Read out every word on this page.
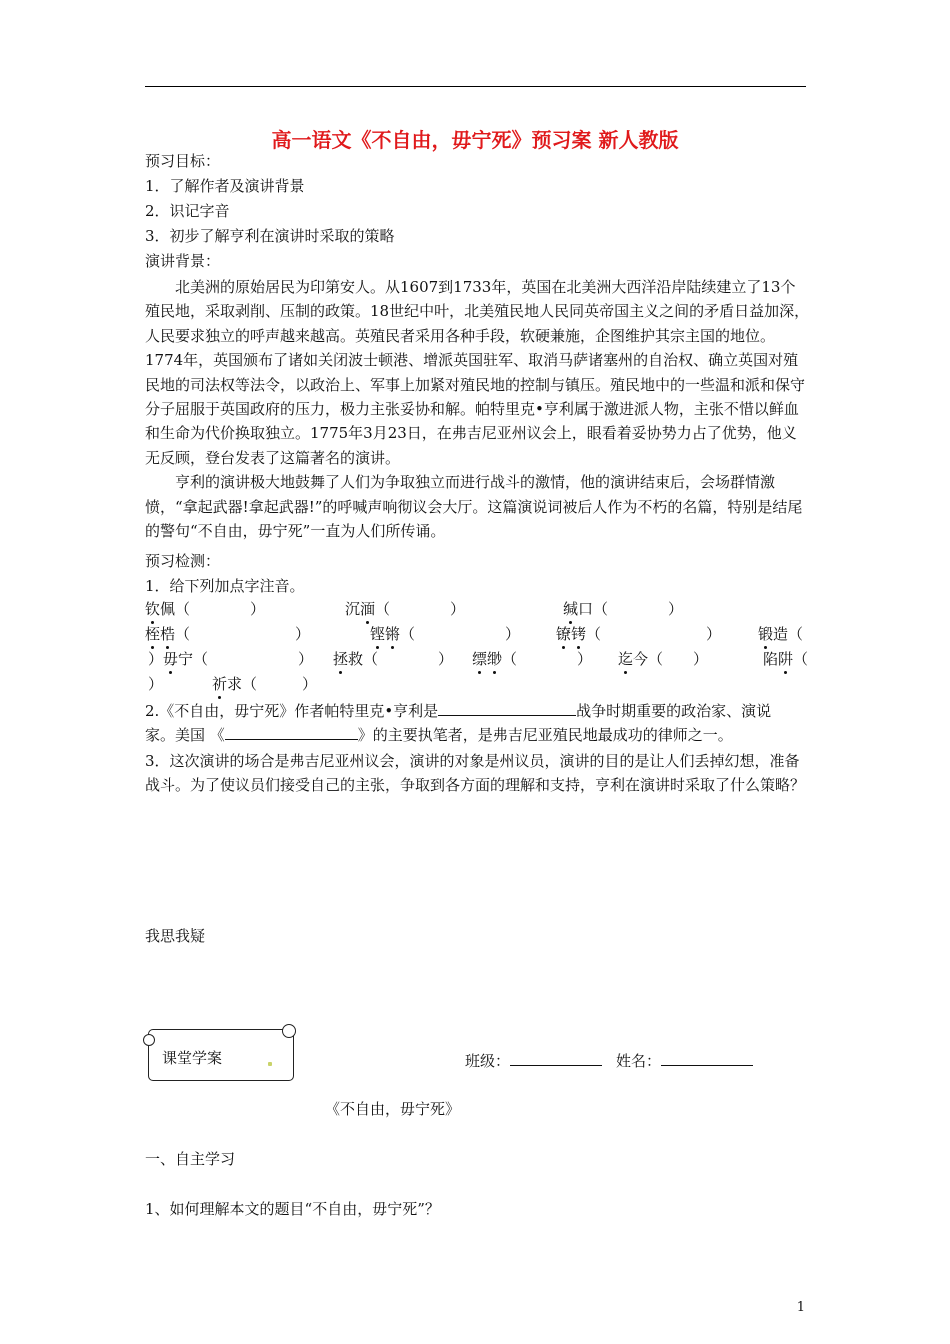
高一语文《不自由，毋宁死》预习案 新人教版
预习目标：
1．了解作者及演讲背景
2．识记字音
3．初步了解亨利在演讲时采取的策略
演讲背景：

北美洲的原始居民为印第安人。从1607到1733年，英国在北美洲大西洋沿岸陆续建立了13个殖民地，采取剥削、压制的政策。18世纪中叶，北美殖民地人民同英帝国主义之间的矛盾日益加深，人民要求独立的呼声越来越高。英殖民者采用各种手段，软硬兼施，企图维护其宗主国的地位。1774年，英国颁布了诸如关闭波士顿港、增派英国驻军、取消马萨诸塞州的自治权、确立英国对殖民地的司法权等法令，以政治上、军事上加紧对殖民地的控制与镇压。殖民地中的一些温和派和保守分子屈服于英国政府的压力，极力主张妥协和解。帕特里克•亨利属于激进派人物，主张不惜以鲜血和生命为代价换取独立。1775年3月23日，在弗吉尼亚州议会上，眼看着妥协势力占了优势，他义无反顾，登台发表了这篇著名的演讲。

亨利的演讲极大地鼓舞了人们为争取独立而进行战斗的激情，他的演讲结束后，会场群情激愤，“拿起武器!拿起武器!”的呼喊声响彻议会大厅。这篇演说词被后人作为不朽的名篇，特别是结尾的警句“不自由，毋宁死”一直为人们所传诵。

预习检测：
1．给下列加点字注音。
钦佩（　　　　）	沉湎（　　　　）	缄口（　　　　）
桎梏（　　　　　　　）	铿锵（　　　　　　） 镣铐（　　　　　　　） 锻造（
）毋宁（　　　　　　） 拯救（　　　　） 缥缈（　　　　） 迄今（　　）	陷阱（
）	祈求（　　　）
2.《不自由，毋宁死》作者帕特里克•亨利是	战争时期重要的政治家、演说
家。美国 《	》的主要执笔者，是弗吉尼亚殖民地最成功的律师之一。
3．这次演讲的场合是弗吉尼亚州议会，演讲的对象是州议员，演讲的目的是让人们丢掉幻想，准备战斗。为了使议员们接受自己的主张，争取到各方面的理解和支持，亨利在演讲时采取了什么策略？
我思我疑
课堂学案	班级：	姓名：
《不自由，毋宁死》
一、自主学习
1、如何理解本文的题目“不自由，毋宁死”？
1
